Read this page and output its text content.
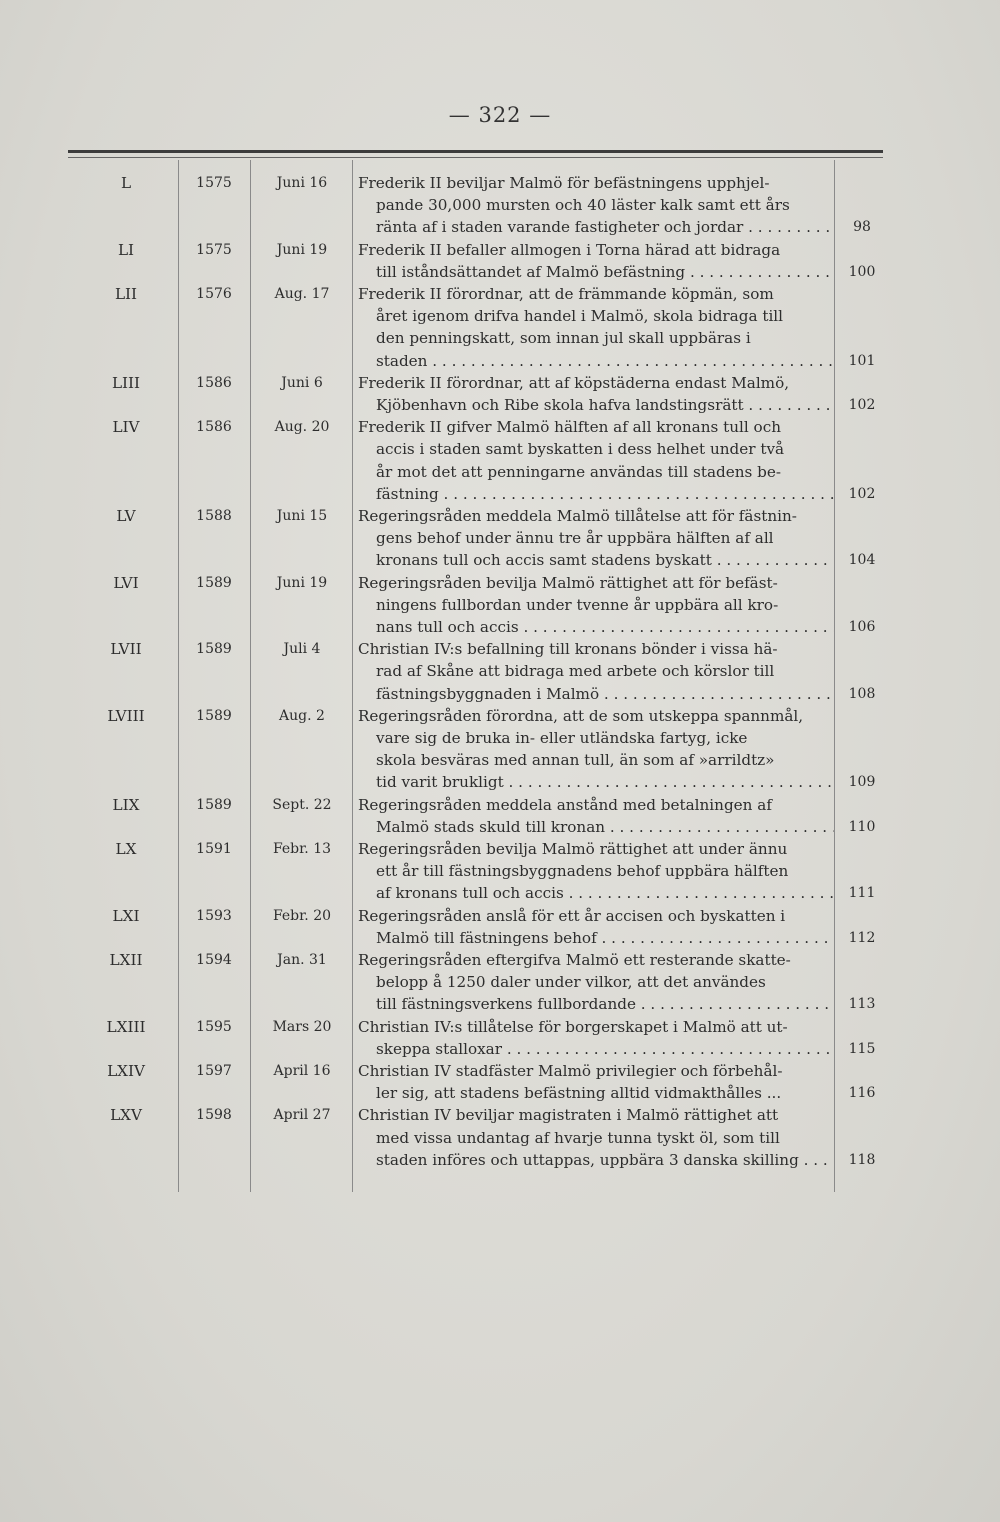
— 322 —
L	1575	Juni 16	Frederik II beviljar Malmö för befästningens upphjel-
pande 30,000 mursten och 40 läster kalk samt ett års
ränta af i staden varande fastigheter och jordar . . .	98
LI	1575	Juni 19	Frederik II befaller allmogen i Torna härad att bidraga
till iståndsättandet af Malmö befästning . . .	100
LII	1576	Aug. 17	Frederik II förordnar, att de främmande köpmän, som
året igenom drifva handel i Malmö, skola bidraga till
den penningskatt, som innan jul skall uppbäras i
staden . . .	101
LIII	1586	Juni 6	Frederik II förordnar, att af köpstäderna endast Malmö,
Kjöbenhavn och Ribe skola hafva landstingsrätt . . .	102
LIV	1586	Aug. 20	Frederik II gifver Malmö hälften af all kronans tull och
accis i staden samt byskatten i dess helhet under två
år mot det att penningarne användas till stadens be-
fästning . . .	102
LV	1588	Juni 15	Regeringsråden meddela Malmö tillåtelse att för fästnin-
gens behof under ännu tre år uppbära hälften af all
kronans tull och accis samt stadens byskatt . . .	104
LVI	1589	Juni 19	Regeringsråden bevilja Malmö rättighet att för befäst-
ningens fullbordan under tvenne år uppbära all kro-
nans tull och accis . . .	106
LVII	1589	Juli 4	Christian IV:s befallning till kronans bönder i vissa hä-
rad af Skåne att bidraga med arbete och körslor till
fästningsbyggnaden i Malmö . . .	108
LVIII	1589	Aug. 2	Regeringsråden förordna, att de som utskeppa spannmål,
vare sig de bruka in- eller utländska fartyg, icke
skola besväras med annan tull, än som af »arrildtz»
tid varit brukligt . . .	109
LIX	1589	Sept. 22	Regeringsråden meddela anstånd med betalningen af
Malmö stads skuld till kronan . . .	110
LX	1591	Febr. 13	Regeringsråden bevilja Malmö rättighet att under ännu
ett år till fästningsbyggnadens behof uppbära hälften
af kronans tull och accis . . .	111
LXI	1593	Febr. 20	Regeringsråden anslå för ett år accisen och byskatten i
Malmö till fästningens behof . . .	112
LXII	1594	Jan. 31	Regeringsråden eftergifva Malmö ett resterande skatte-
belopp å 1250 daler under vilkor, att det användes
till fästningsverkens fullbordande . . .	113
LXIII	1595	Mars 20	Christian IV:s tillåtelse för borgerskapet i Malmö att ut-
skeppa stalloxar . . .	115
LXIV	1597	April 16	Christian IV stadfäster Malmö privilegier och förbehål-
ler sig, att stadens befästning alltid vidmakthålles ...	116
LXV	1598	April 27	Christian IV beviljar magistraten i Malmö rättighet att
med vissa undantag af hvarje tunna tyskt öl, som till
staden införes och uttappas, uppbära 3 danska skilling . . .	118
